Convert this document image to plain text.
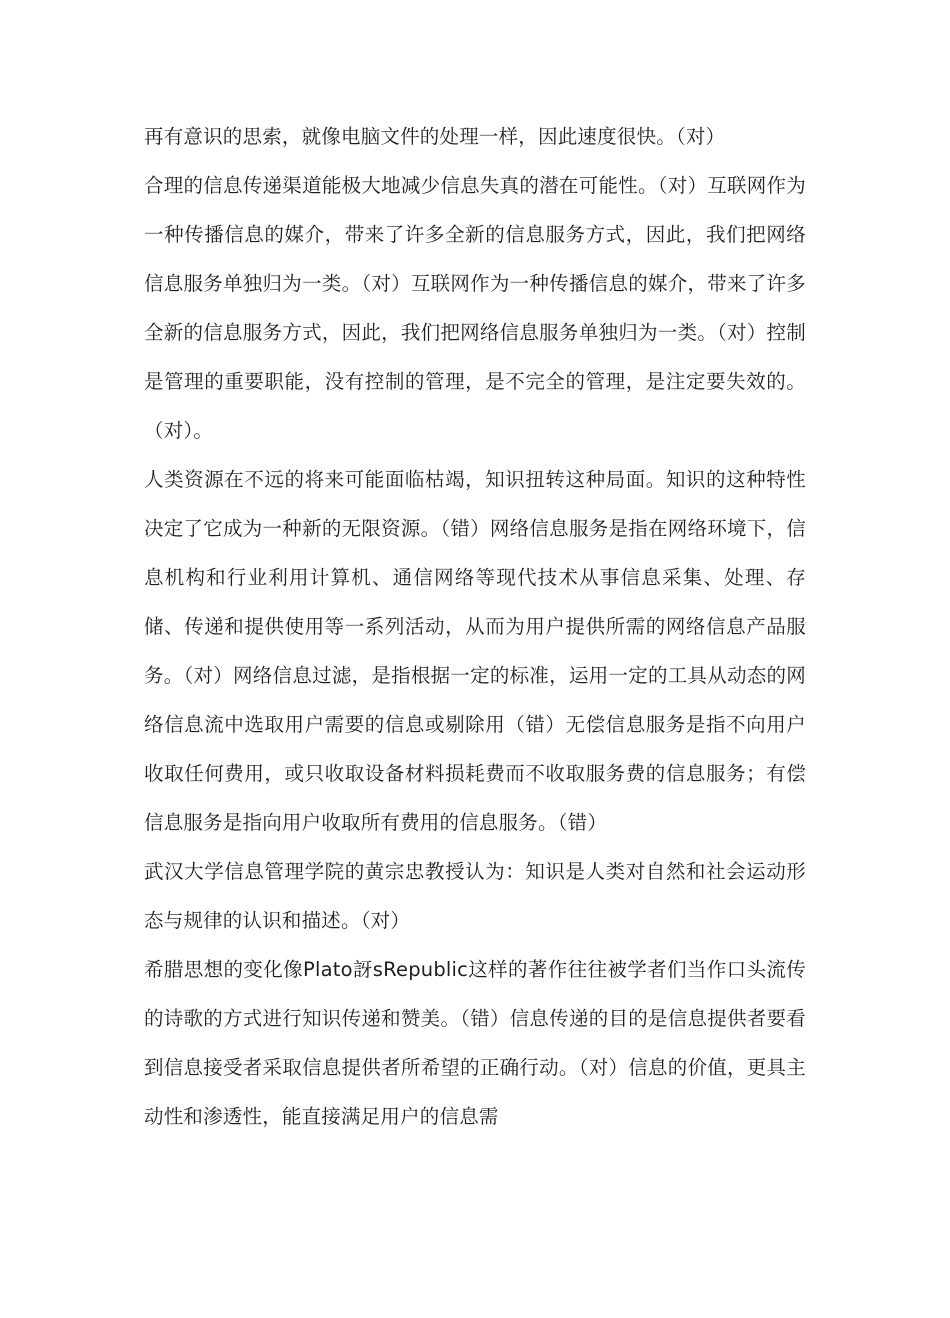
再有意识的思索，就像电脑文件的处理一样，因此速度很快。（对）

合理的信息传递渠道能极大地减少信息失真的潜在可能性。（对）互联网作为一种传播信息的媒介，带来了许多全新的信息服务方式，因此，我们把网络信息服务单独归为一类。（对）互联网作为一种传播信息的媒介，带来了许多全新的信息服务方式，因此，我们把网络信息服务单独归为一类。（对）控制是管理的重要职能，没有控制的管理，是不完全的管理，是注定要失效的。（对）。

人类资源在不远的将来可能面临枯竭，知识扭转这种局面。知识的这种特性决定了它成为一种新的无限资源。（错）网络信息服务是指在网络环境下，信息机构和行业利用计算机、通信网络等现代技术从事信息采集、处理、存储、传递和提供使用等一系列活动，从而为用户提供所需的网络信息产品服务。（对）网络信息过滤，是指根据一定的标准，运用一定的工具从动态的网络信息流中选取用户需要的信息或剔除用（错）无偿信息服务是指不向用户收取任何费用，或只收取设备材料损耗费而不收取服务费的信息服务；有偿信息服务是指向用户收取所有费用的信息服务。（错）

武汉大学信息管理学院的黄宗忠教授认为：知识是人类对自然和社会运动形态与规律的认识和描述。（对）

希腊思想的变化像Plato訝sRepublic这样的著作往往被学者们当作口头流传的诗歌的方式进行知识传递和赞美。（错）信息传递的目的是信息提供者要看到信息接受者采取信息提供者所希望的正确行动。（对）信息的价值，更具主动性和渗透性，能直接满足用户的信息需
